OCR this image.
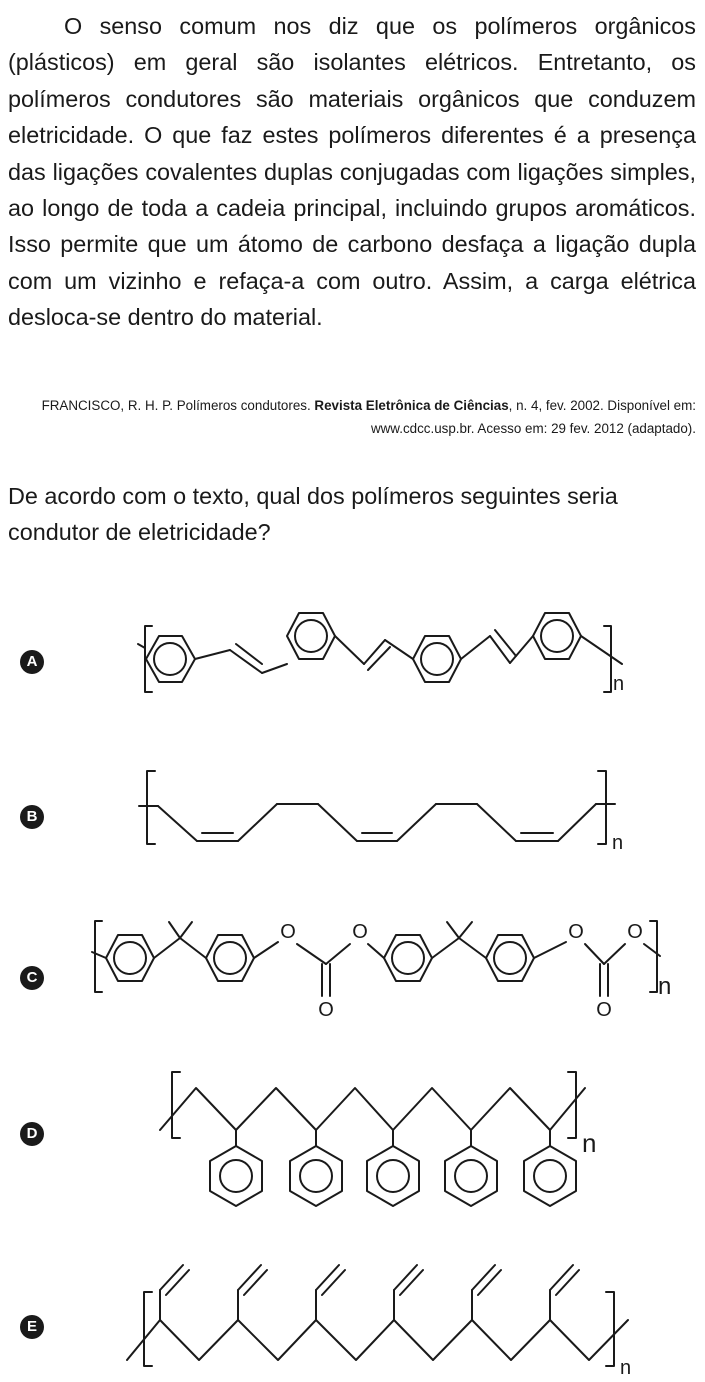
O senso comum nos diz que os polímeros orgânicos (plásticos) em geral são isolantes elétricos. Entretanto, os polímeros condutores são materiais orgânicos que conduzem eletricidade. O que faz estes polímeros diferentes é a presença das ligações covalentes duplas conjugadas com ligações simples, ao longo de toda a cadeia principal, incluindo grupos aromáticos. Isso permite que um átomo de carbono desfaça a ligação dupla com um vizinho e refaça-a com outro. Assim, a carga elétrica desloca-se dentro do material.

FRANCISCO, R. H. P. Polímeros condutores. Revista Eletrônica de Ciências, n. 4, fev. 2002. Disponível em: www.cdcc.usp.br. Acesso em: 29 fev. 2012 (adaptado).

De acordo com o texto, qual dos polímeros seguintes seria condutor de eletricidade?

A
n
B
n
C
O	O
O
O O
O
n
D	n
E
n
